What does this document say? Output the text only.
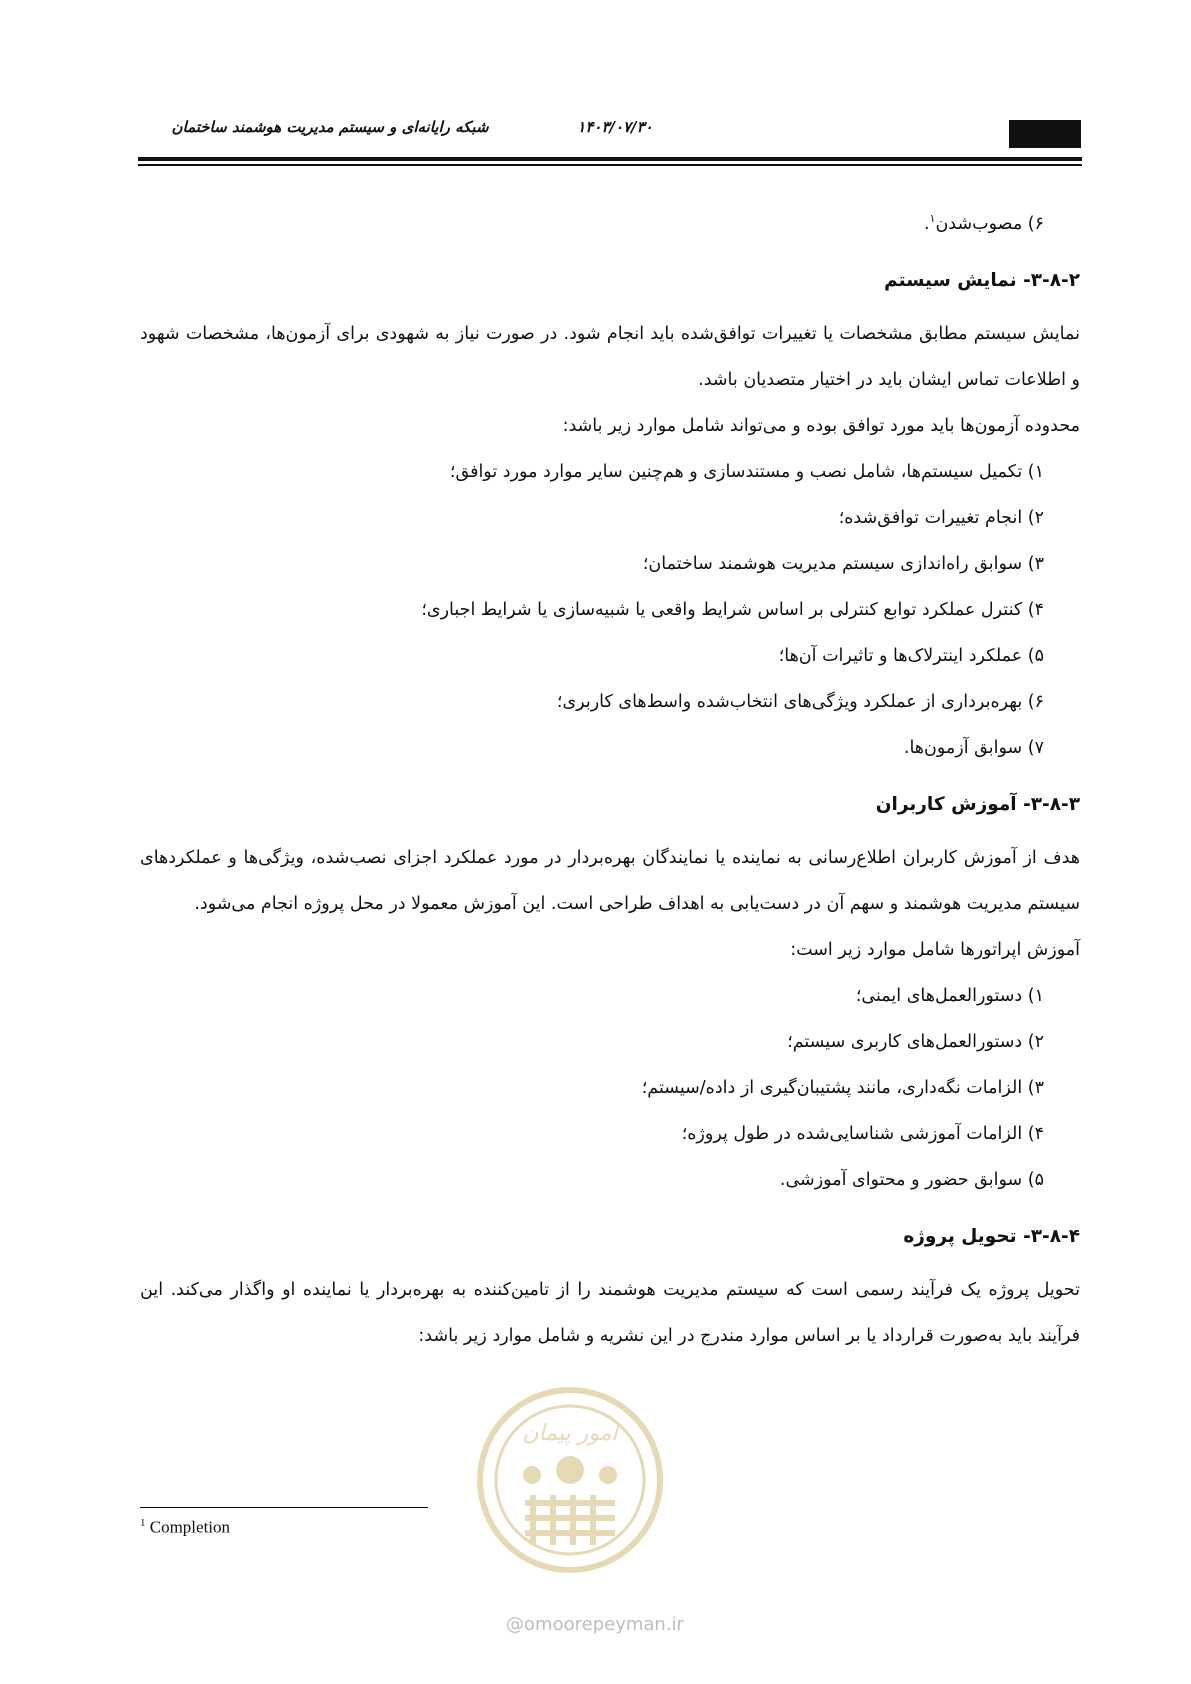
شبکه رایانه‌ای و سیستم مدیریت هوشمند ساختمان	۱۴۰۳/۰۷/۳۰

۶) مصوب‌شدن$^۱$.

۳-۸-۲- نمایش سیستم

نمایش سیستم مطابق مشخصات یا تغییرات توافق‌شده باید انجام شود. در صورت نیاز به شهودی برای آزمون‌ها، مشخصات شهود و اطلاعات تماس ایشان باید در اختیار متصدیان باشد.

محدوده آزمون‌ها باید مورد توافق بوده و می‌تواند شامل موارد زیر باشد:

۱) تکمیل سیستم‌ها، شامل نصب و مستندسازی و هم‌چنین سایر موارد مورد توافق؛
۲) انجام تغییرات توافق‌شده؛
۳) سوابق راه‌اندازی سیستم مدیریت هوشمند ساختمان؛
۴) کنترل عملکرد توابع کنترلی بر اساس شرایط واقعی یا شبیه‌سازی یا شرایط اجباری؛
۵) عملکرد اینترلاک‌ها و تاثیرات آن‌ها؛
۶) بهره‌برداری از عملکرد ویژگی‌های انتخاب‌شده واسط‌های کاربری؛
۷) سوابق آزمون‌ها.
۳-۸-۳- آموزش کاربران

هدف از آموزش کاربران اطلاع‌رسانی به نماینده یا نمایندگان بهره‌بردار در مورد عملکرد اجزای نصب‌شده، ویژگی‌ها و عملکردهای سیستم مدیریت هوشمند و سهم آن در دست‌یابی به اهداف طراحی است. این آموزش معمولا در محل پروژه انجام می‌شود.

آموزش اپراتورها شامل موارد زیر است:

۱) دستورالعمل‌های ایمنی؛
۲) دستورالعمل‌های کاربری سیستم؛
۳) الزامات نگه‌داری، مانند پشتیبان‌گیری از داده/سیستم؛
۴) الزامات آموزشی شناسایی‌شده در طول پروژه؛
۵) سوابق حضور و محتوای آموزشی.
۳-۸-۴- تحویل پروژه

تحویل پروژه یک فرآیند رسمی است که سیستم مدیریت هوشمند را از تامین‌کننده به بهره‌بردار یا نماینده او واگذار می‌کند. این فرآیند باید به‌صورت قرارداد یا بر اساس موارد مندرج در این نشریه و شامل موارد زیر باشد:

امور پیمان
@omoorepeyman.ir
$^1$ Completion
